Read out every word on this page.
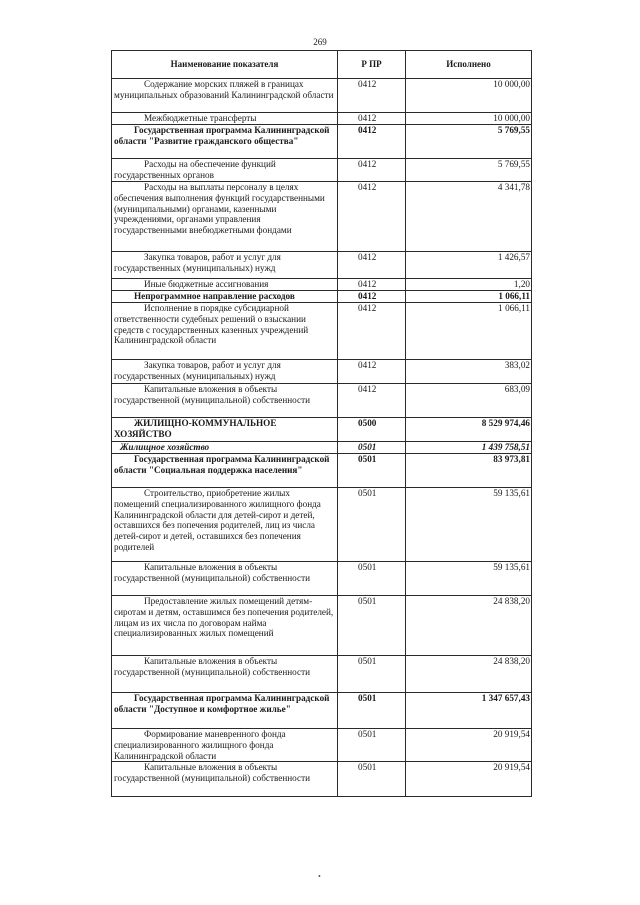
269
Наименование показателя	Р ПР	Исполнено
Содержание морских пляжей в границах муниципальных образований Калининградской области	0412	10 000,00
Межбюджетные трансферты	0412	10 000,00
Государственная программа Калининградской области "Развитие гражданского общества"	0412	5 769,55
Расходы на обеспечение функций государственных органов	0412	5 769,55
Расходы на выплаты персоналу в целях обеспечения выполнения функций государственными (муниципальными) органами, казенными учреждениями, органами управления государственными внебюджетными фондами	0412	4 341,78
Закупка товаров, работ и услуг для государственных (муниципальных) нужд	0412	1 426,57
Иные бюджетные ассигнования	0412	1,20
Непрограммное направление расходов	0412	1 066,11
Исполнение в порядке субсидиарной ответственности судебных решений о взыскании средств с государственных казенных учреждений Калининградской области	0412	1 066,11
Закупка товаров, работ и услуг для государственных (муниципальных) нужд	0412	383,02
Капитальные вложения в объекты государственной (муниципальной) собственности	0412	683,09
ЖИЛИЩНО-КОММУНАЛЬНОЕ ХОЗЯЙСТВО	0500	8 529 974,46
Жилищное хозяйство	0501	1 439 758,51
Государственная программа Калининградской области "Социальная поддержка населения"	0501	83 973,81
Строительство, приобретение жилых помещений специализированного жилищного фонда Калининградской области для детей-сирот и детей, оставшихся без попечения родителей, лиц из числа детей-сирот и детей, оставшихся без попечения родителей	0501	59 135,61
Капитальные вложения в объекты государственной (муниципальной) собственности	0501	59 135,61
Предоставление жилых помещений детям-сиротам и детям, оставшимся без попечения родителей, лицам из их числа по договорам найма специализированных жилых помещений	0501	24 838,20
Капитальные вложения в объекты государственной (муниципальной) собственности	0501	24 838,20
Государственная программа Калининградской области "Доступное и комфортное жилье"	0501	1 347 657,43
Формирование маневренного фонда специализированного жилищного фонда Калининградской области	0501	20 919,54
Капитальные вложения в объекты государственной (муниципальной) собственности	0501	20 919,54
•
